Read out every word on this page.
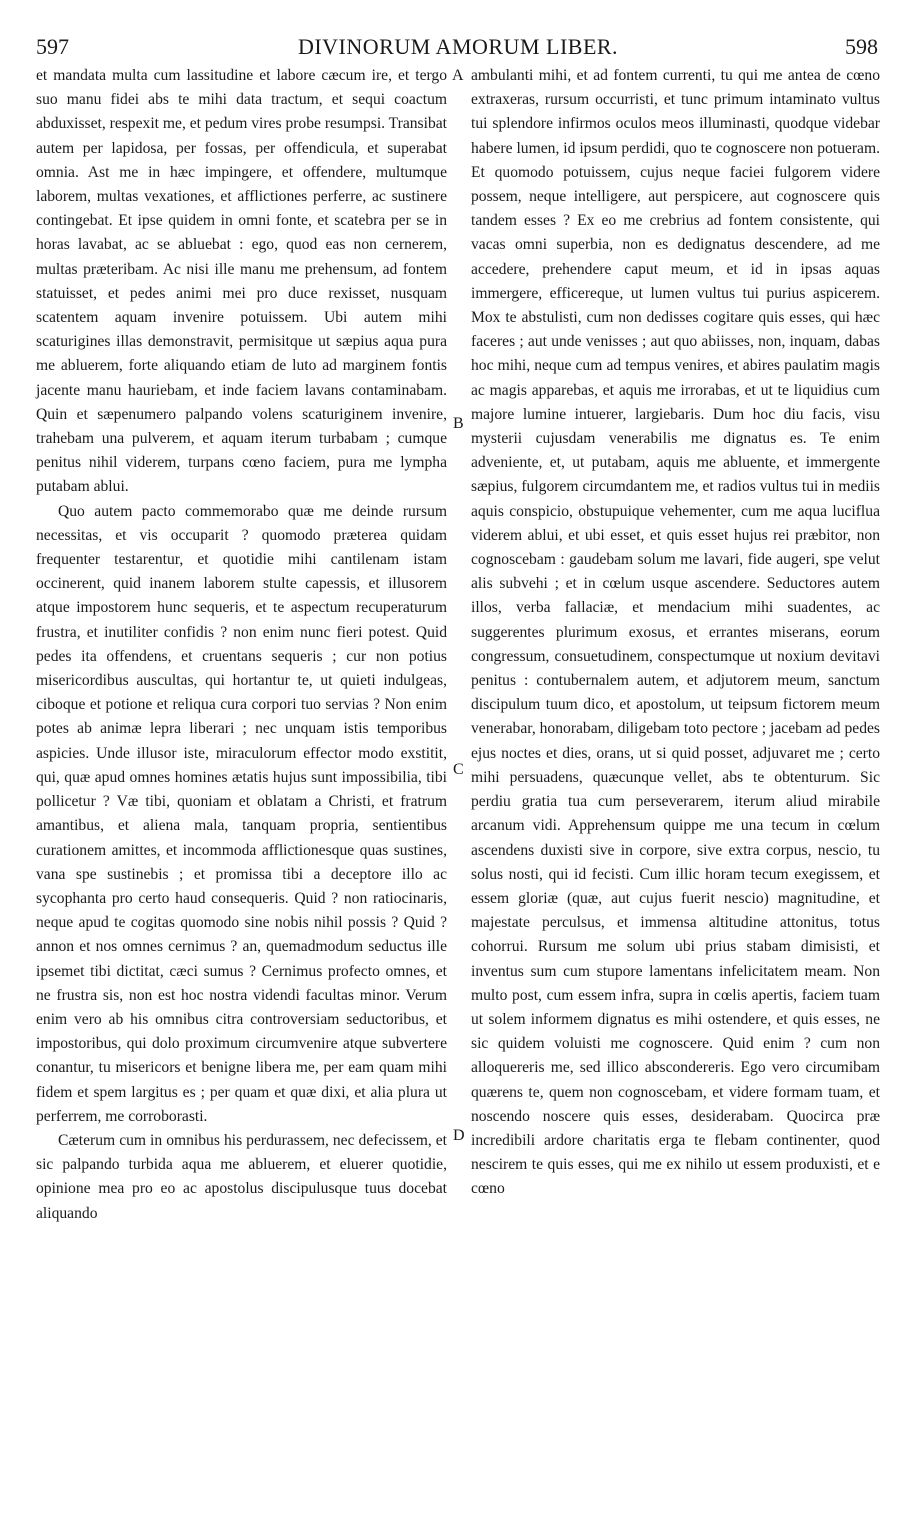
597	DIVINORUM AMORUM LIBER.	598

et mandata multa cum lassitudine et labore cæcum ire, et tergo suo manu fidei abs te mihi data tractum, et sequi coactum abduxisset, respexit me, et pedum vires probe resumpsi. Transibat autem per lapidosa, per fossas, per offendicula, et superabat omnia. Ast me in hæc impingere, et offendere, multumque laborem, multas vexationes, et afflictiones perferre, ac sustinere contingebat. Et ipse quidem in omni fonte, et scatebra per se in horas lavabat, ac se abluebat : ego, quod eas non cernerem, multas præteribam. Ac nisi ille manu me prehensum, ad fontem statuisset, et pedes animi mei pro duce rexisset, nusquam scatentem aquam invenire potuissem. Ubi autem mihi scaturigines illas demonstravit, permisitque ut sæpius aqua pura me abluerem, forte aliquando etiam de luto ad marginem fontis jacente manu hauriebam, et inde faciem lavans contaminabam. Quin et sæpenumero palpando volens scaturiginem invenire, trahebam una pulverem, et aquam iterum turbabam ; cumque penitus nihil viderem, turpans cœno faciem, pura me lympha putabam ablui.

Quo autem pacto commemorabo quæ me deinde rursum necessitas, et vis occuparit ? quomodo præterea quidam frequenter testarentur, et quotidie mihi cantilenam istam occinerent, quid inanem laborem stulte capessis, et illusorem atque impostorem hunc sequeris, et te aspectum recuperaturum frustra, et inutiliter confidis ? non enim nunc fieri potest. Quid pedes ita offendens, et cruentans sequeris ; cur non potius misericordibus auscultas, qui hortantur te, ut quieti indulgeas, ciboque et potione et reliqua cura corpori tuo servias ? Non enim potes ab animæ lepra liberari ; nec unquam istis temporibus aspicies. Unde illusor iste, miraculorum effector modo exstitit, qui, quæ apud omnes homines ætatis hujus sunt impossibilia, tibi pollicetur ? Væ tibi, quoniam et oblatam a Christi, et fratrum amantibus, et aliena mala, tanquam propria, sentientibus curationem amittes, et incommoda afflictionesque quas sustines, vana spe sustinebis ; et promissa tibi a deceptore illo ac sycophanta pro certo haud consequeris. Quid ? non ratiocinaris, neque apud te cogitas quomodo sine nobis nihil possis ? Quid ? annon et nos omnes cernimus ? an, quemadmodum seductus ille ipsemet tibi dictitat, cæci sumus ? Cernimus profecto omnes, et ne frustra sis, non est hoc nostra videndi facultas minor. Verum enim vero ab his omnibus citra controversiam seductoribus, et impostoribus, qui dolo proximum circumvenire atque subvertere conantur, tu misericors et benigne libera me, per eam quam mihi fidem et spem largitus es ; per quam et quæ dixi, et alia plura ut perferrem, me corroborasti.

Cæterum cum in omnibus his perdurassem, nec defecissem, et sic palpando turbida aqua me abluerem, et eluerer quotidie, opinione mea pro eo ac apostolus discipulusque tuus docebat aliquando

A
B
C
D

ambulanti mihi, et ad fontem currenti, tu qui me antea de cœno extraxeras, rursum occurristi, et tunc primum intaminato vultus tui splendore infirmos oculos meos illuminasti, quodque videbar habere lumen, id ipsum perdidi, quo te cognoscere non potueram. Et quomodo potuissem, cujus neque faciei fulgorem videre possem, neque intelligere, aut perspicere, aut cognoscere quis tandem esses ? Ex eo me crebrius ad fontem consistente, qui vacas omni superbia, non es dedignatus descendere, ad me accedere, prehendere caput meum, et id in ipsas aquas immergere, efficereque, ut lumen vultus tui purius aspicerem. Mox te abstulisti, cum non dedisses cogitare quis esses, qui hæc faceres ; aut unde venisses ; aut quo abiisses, non, inquam, dabas hoc mihi, neque cum ad tempus venires, et abires paulatim magis ac magis apparebas, et aquis me irrorabas, et ut te liquidius cum majore lumine intuerer, largiebaris. Dum hoc diu facis, visu mysterii cujusdam venerabilis me dignatus es. Te enim adveniente, et, ut putabam, aquis me abluente, et immergente sæpius, fulgorem circumdantem me, et radios vultus tui in mediis aquis conspicio, obstupuique vehementer, cum me aqua luciflua viderem ablui, et ubi esset, et quis esset hujus rei præbitor, non cognoscebam : gaudebam solum me lavari, fide augeri, spe velut alis subvehi ; et in cœlum usque ascendere. Seductores autem illos, verba fallaciæ, et mendacium mihi suadentes, ac suggerentes plurimum exosus, et errantes miserans, eorum congressum, consuetudinem, conspectumque ut noxium devitavi penitus : contubernalem autem, et adjutorem meum, sanctum discipulum tuum dico, et apostolum, ut teipsum fictorem meum venerabar, honorabam, diligebam toto pectore ; jacebam ad pedes ejus noctes et dies, orans, ut si quid posset, adjuvaret me ; certo mihi persuadens, quæcunque vellet, abs te obtenturum. Sic perdiu gratia tua cum perseverarem, iterum aliud mirabile arcanum vidi. Apprehensum quippe me una tecum in cœlum ascendens duxisti sive in corpore, sive extra corpus, nescio, tu solus nosti, qui id fecisti. Cum illic horam tecum exegissem, et essem gloriæ (quæ, aut cujus fuerit nescio) magnitudine, et majestate perculsus, et immensa altitudine attonitus, totus cohorrui. Rursum me solum ubi prius stabam dimisisti, et inventus sum cum stupore lamentans infelicitatem meam. Non multo post, cum essem infra, supra in cœlis apertis, faciem tuam ut solem informem dignatus es mihi ostendere, et quis esses, ne sic quidem voluisti me cognoscere. Quid enim ? cum non alloquereris me, sed illico abscondereris. Ego vero circumibam quærens te, quem non cognoscebam, et videre formam tuam, et noscendo noscere quis esses, desiderabam. Quocirca præ incredibili ardore charitatis erga te flebam continenter, quod nescirem te quis esses, qui me ex nihilo ut essem produxisti, et e cœno
